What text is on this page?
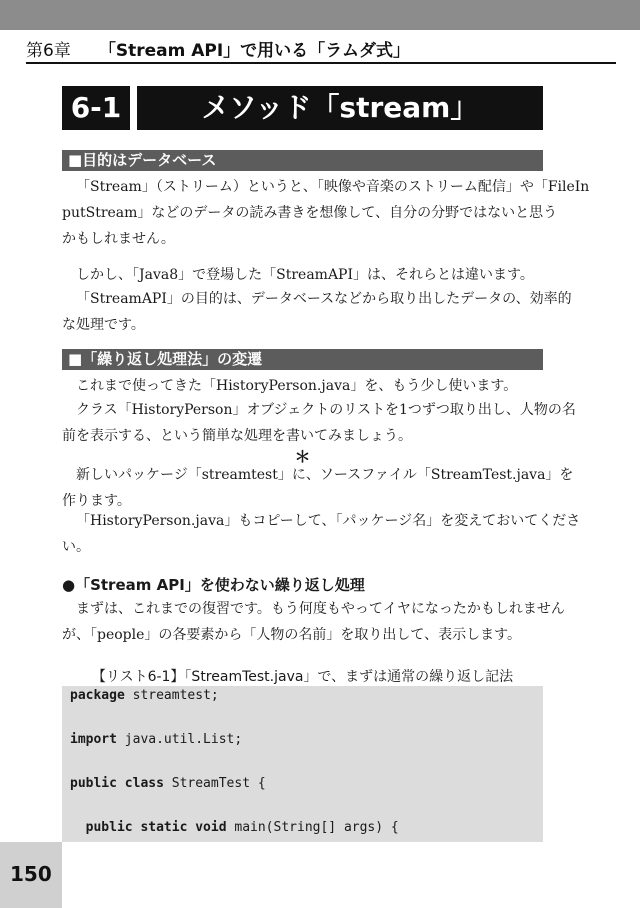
第6章 「Stream API」で用いる「ラムダ式」
6-1	メソッド「stream」
■目的はデータベース

「Stream」（ストリーム）というと、「映像や音楽のストリーム配信」や「FileIn
putStream」などのデータの読み書きを想像して、自分の分野ではないと思う
かもしれません。

しかし、「Java8」で登場した「StreamAPI」は、それらとは違います。

「StreamAPI」の目的は、データベースなどから取り出したデータの、効率的
な処理です。

■「繰り返し処理法」の変遷

これまで使ってきた「HistoryPerson.java」を、もう少し使います。

クラス「HistoryPerson」オブジェクトのリストを1つずつ取り出し、人物の名
前を表示する、という簡単な処理を書いてみましょう。

＊

新しいパッケージ「streamtest」に、ソースファイル「StreamTest.java」を
作ります。

「HistoryPerson.java」もコピーして、「パッケージ名」を変えておいてくださ
い。

●「Stream API」を使わない繰り返し処理

まずは、これまでの復習です。もう何度もやってイヤになったかもしれません
が、「people」の各要素から「人物の名前」を取り出して、表示します。

【リスト6-1】「StreamTest.java」で、まずは通常の繰り返し記法
package streamtest;
import java.util.List;
public class StreamTest {
public static void main(String[] args) {
150
